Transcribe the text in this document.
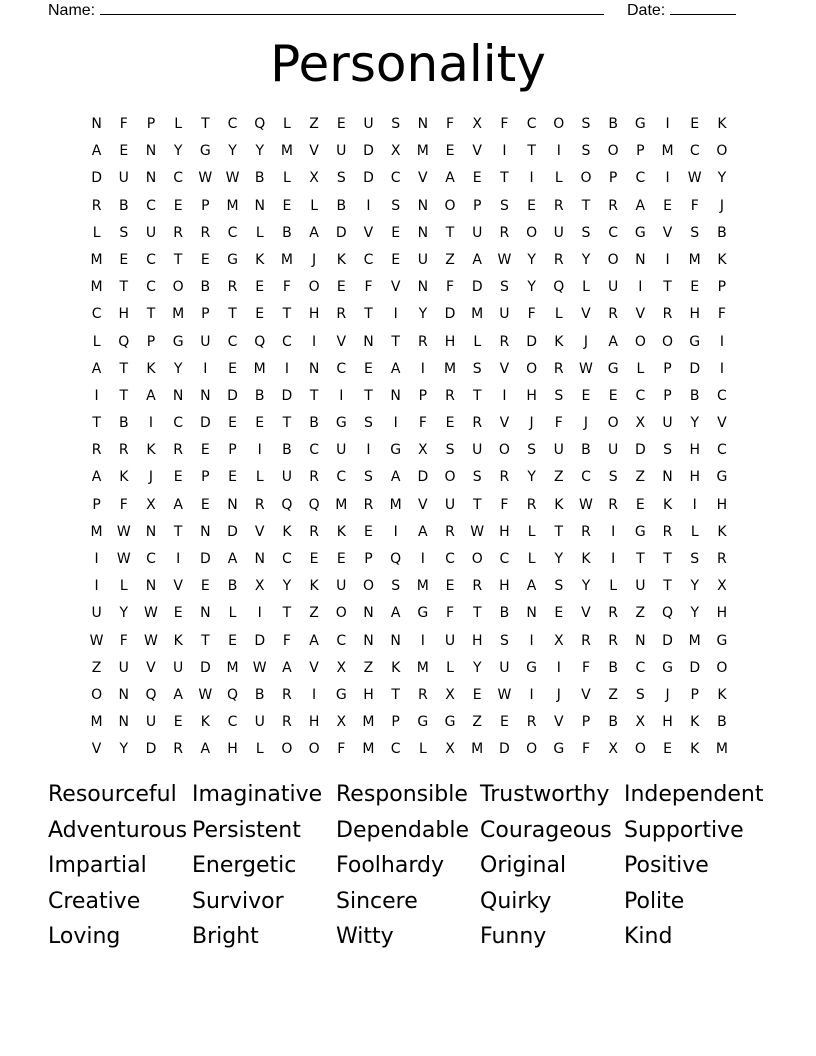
Name:	Date:
Personality
N	F	P	L	T	C	Q	L	Z	E	U	S	N	F	X	F	C	O	S	B	G	I	E	K
A	E	N	Y	G	Y	Y	M	V	U	D	X	M	E	V	I	T	I	S	O	P	M	C	O
D	U	N	C	W W	B	L	X	S	D	C	V	A	E	T	I	L	O	P	C	I	W	Y
R	B	C	E	P	M	N	E	L	B	I	S	N	O	P	S	E	R	T	R	A	E	F	J
L	S	U	R	R	C	L	B	A	D	V	E	N	T	U	R	O	U	S	C	G	V	S	B
M	E	C	T	E	G	K	M	J	K	C	E	U	Z	A	W	Y	R	Y	O	N	I	M	K
M	T	C	O	B	R	E	F	O	E	F	V	N	F	D	S	Y	Q	L	U	I	T	E	P
C	H	T	M	P	T	E	T	H	R	T	I	Y	D	M	U	F	L	V	R	V	R	H	F
L	Q	P	G	U	C	Q	C	I	V	N	T	R	H	L	R	D	K	J	A	O	O	G	I
A	T	K	Y	I	E	M	I	N	C	E	A	I	M	S	V	O	R	W	G	L	P	D	I
I	T	A	N	N	D	B	D	T	I	T	N	P	R	T	I	H	S	E	E	C	P	B	C
T	B	I	C	D	E	E	T	B	G	S	I	F	E	R	V	J	F	J	O	X	U	Y	V
R	R	K	R	E	P	I	B	C	U	I	G	X	S	U	O	S	U	B	U	D	S	H	C
A	K	J	E	P	E	L	U	R	C	S	A	D	O	S	R	Y	Z	C	S	Z	N	H	G
P	F	X	A	E	N	R	Q	Q	M	R	M	V	U	T	F	R	K	W	R	E	K	I	H
M	W	N	T	N	D	V	K	R	K	E	I	A	R	W	H	L	T	R	I	G	R	L	K
I	W	C	I	D	A	N	C	E	E	P	Q	I	C	O	C	L	Y	K	I	T	T	S	R
I	L	N	V	E	B	X	Y	K	U	O	S	M	E	R	H	A	S	Y	L	U	T	Y	X
U	Y	W	E	N	L	I	T	Z	O	N	A	G	F	T	B	N	E	V	R	Z	Q	Y	H
W	F	W	K	T	E	D	F	A	C	N	N	I	U	H	S	I	X	R	R	N	D	M	G
Z	U	V	U	D	M	W	A	V	X	Z	K	M	L	Y	U	G	I	F	B	C	G	D	O
O	N	Q	A	W	Q	B	R	I	G	H	T	R	X	E	W	I	J	V	Z	S	J	P	K
M	N	U	E	K	C	U	R	H	X	M	P	G	G	Z	E	R	V	P	B	X	H	K	B
V	Y	D	R	A	H	L	O	O	F	M	C	L	X	M	D	O	G	F	X	O	E	K	M
Resourceful Imaginative Responsible Trustworthy Independent
Adventurous Persistent	Dependable Courageous Supportive
Impartial	Energetic	Foolhardy	Original	Positive
Creative	Survivor	Sincere	Quirky	Polite
Loving	Bright	Witty	Funny	Kind
